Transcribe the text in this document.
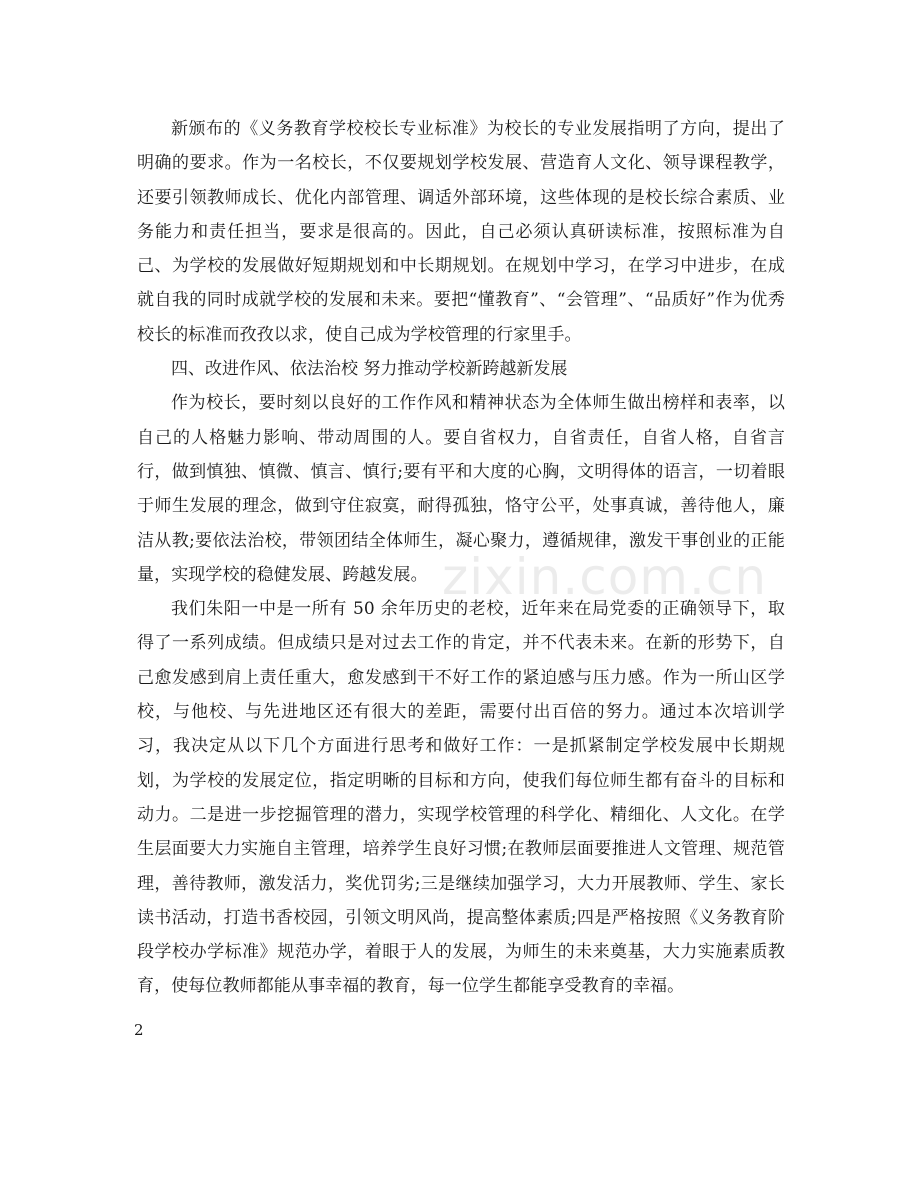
新颁布的《义务教育学校校长专业标准》为校长的专业发展指明了方向，提出了明确的要求。作为一名校长，不仅要规划学校发展、营造育人文化、领导课程教学，还要引领教师成长、优化内部管理、调适外部环境，这些体现的是校长综合素质、业务能力和责任担当，要求是很高的。因此，自己必须认真研读标准，按照标准为自己、为学校的发展做好短期规划和中长期规划。在规划中学习，在学习中进步，在成就自我的同时成就学校的发展和未来。要把“懂教育”、“会管理”、“品质好”作为优秀校长的标准而孜孜以求，使自己成为学校管理的行家里手。

四、改进作风、依法治校 努力推动学校新跨越新发展

作为校长，要时刻以良好的工作作风和精神状态为全体师生做出榜样和表率，以自己的人格魅力影响、带动周围的人。要自省权力，自省责任，自省人格，自省言行，做到慎独、慎微、慎言、慎行;要有平和大度的心胸，文明得体的语言，一切着眼于师生发展的理念，做到守住寂寞，耐得孤独，恪守公平，处事真诚，善待他人，廉洁从教;要依法治校，带领团结全体师生，凝心聚力，遵循规律，激发干事创业的正能量，实现学校的稳健发展、跨越发展。

我们朱阳一中是一所有 50 余年历史的老校，近年来在局党委的正确领导下，取得了一系列成绩。但成绩只是对过去工作的肯定，并不代表未来。在新的形势下，自己愈发感到肩上责任重大，愈发感到干不好工作的紧迫感与压力感。作为一所山区学校，与他校、与先进地区还有很大的差距，需要付出百倍的努力。通过本次培训学习，我决定从以下几个方面进行思考和做好工作：一是抓紧制定学校发展中长期规划，为学校的发展定位，指定明晰的目标和方向，使我们每位师生都有奋斗的目标和动力。二是进一步挖掘管理的潜力，实现学校管理的科学化、精细化、人文化。在学生层面要大力实施自主管理，培养学生良好习惯;在教师层面要推进人文管理、规范管理，善待教师，激发活力，奖优罚劣;三是继续加强学习，大力开展教师、学生、家长读书活动，打造书香校园，引领文明风尚，提高整体素质;四是严格按照《义务教育阶段学校办学标准》规范办学，着眼于人的发展，为师生的未来奠基，大力实施素质教育，使每位教师都能从事幸福的教育，每一位学生都能享受教育的幸福。

zixin.com.cn
2
